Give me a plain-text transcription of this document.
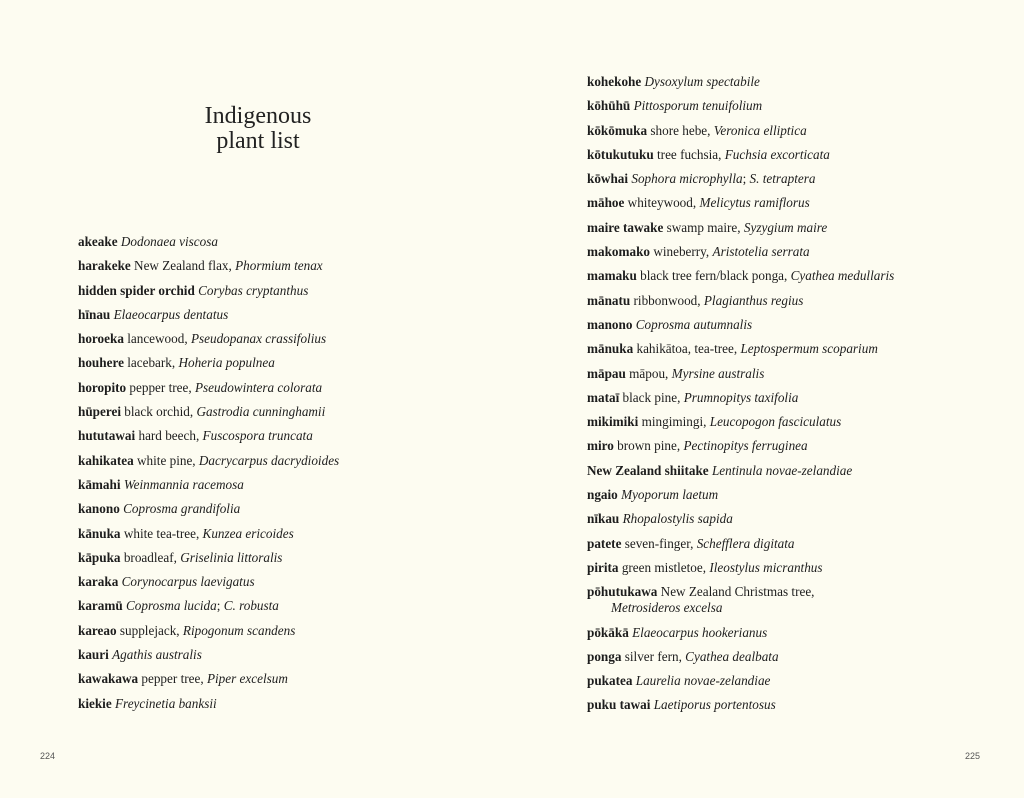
Indigenous
plant list
akeake Dodonaea viscosa
harakeke New Zealand flax, Phormium tenax
hidden spider orchid Corybas cryptanthus
hīnau Elaeocarpus dentatus
horoeka lancewood, Pseudopanax crassifolius
houhere lacebark, Hoheria populnea
horopito pepper tree, Pseudowintera colorata
hūperei black orchid, Gastrodia cunninghamii
hututawai hard beech, Fuscospora truncata
kahikatea white pine, Dacrycarpus dacrydioides
kāmahi Weinmannia racemosa
kanono Coprosma grandifolia
kānuka white tea-tree, Kunzea ericoides
kāpuka broadleaf, Griselinia littoralis
karaka Corynocarpus laevigatus
karamū Coprosma lucida; C. robusta
kareao supplejack, Ripogonum scandens
kauri Agathis australis
kawakawa pepper tree, Piper excelsum
kiekie Freycinetia banksii
224
kohekohe Dysoxylum spectabile
kōhūhū Pittosporum tenuifolium
kōkōmuka shore hebe, Veronica elliptica
kōtukutuku tree fuchsia, Fuchsia excorticata
kōwhai Sophora microphylla; S. tetraptera
māhoe whiteywood, Melicytus ramiflorus
maire tawake swamp maire, Syzygium maire
makomako wineberry, Aristotelia serrata
mamaku black tree fern/black ponga, Cyathea medullaris
mānatu ribbonwood, Plagianthus regius
manono Coprosma autumnalis
mānuka kahikātoa, tea-tree, Leptospermum scoparium
māpau māpou, Myrsine australis
mataī black pine, Prumnopitys taxifolia
mikimiki mingimingi, Leucopogon fasciculatus
miro brown pine, Pectinopitys ferruginea
New Zealand shiitake Lentinula novae-zelandiae
ngaio Myoporum laetum
nīkau Rhopalostylis sapida
patete seven-finger, Schefflera digitata
pirita green mistletoe, Ileostylus micranthus
pōhutukawa New Zealand Christmas tree,
Metrosideros excelsa
pōkākā Elaeocarpus hookerianus
ponga silver fern, Cyathea dealbata
pukatea Laurelia novae-zelandiae
puku tawai Laetiporus portentosus
225
